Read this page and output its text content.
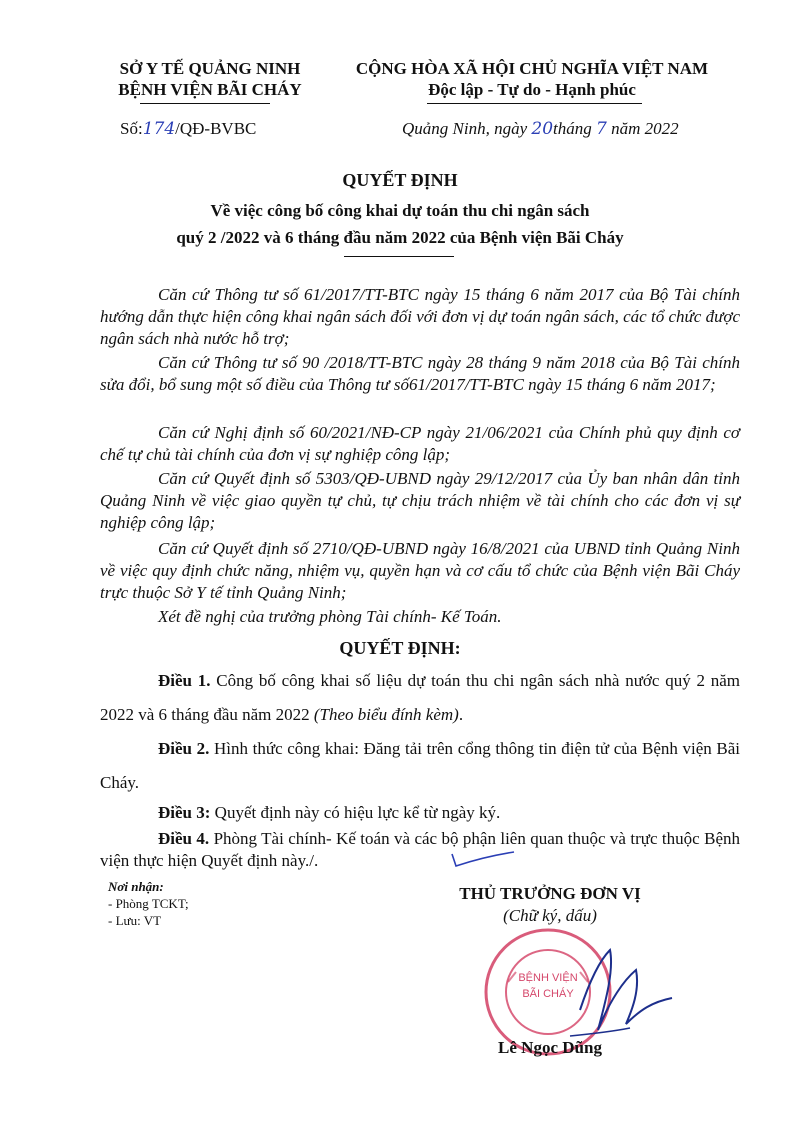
SỞ Y TẾ QUẢNG NINH
BỆNH VIỆN BÃI CHÁY
CỘNG HÒA XÃ HỘI CHỦ NGHĨA VIỆT NAM
Độc lập - Tự do - Hạnh phúc
Số:174/QĐ-BVBC	Quảng Ninh, ngày 20tháng 7 năm 2022
QUYẾT ĐỊNH
Về việc công bố công khai dự toán thu chi ngân sách
quý 2 /2022 và 6 tháng đầu năm 2022 của Bệnh viện Bãi Cháy
Căn cứ Thông tư số 61/2017/TT-BTC ngày 15 tháng 6 năm 2017 của Bộ Tài chính hướng dẫn thực hiện công khai ngân sách đối với đơn vị dự toán ngân sách, các tổ chức được ngân sách nhà nước hỗ trợ;
Căn cứ Thông tư số 90 /2018/TT-BTC ngày 28 tháng 9 năm 2018 của Bộ Tài chính sửa đổi, bổ sung một số điều của Thông tư số61/2017/TT-BTC ngày 15 tháng 6 năm 2017;
Căn cứ Nghị định số 60/2021/NĐ-CP ngày 21/06/2021 của Chính phủ quy định cơ chế tự chủ tài chính của đơn vị sự nghiệp công lập;
Căn cứ Quyết định số 5303/QĐ-UBND ngày 29/12/2017 của Ủy ban nhân dân tỉnh Quảng Ninh về việc giao quyền tự chủ, tự chịu trách nhiệm về tài chính cho các đơn vị sự nghiệp công lập;
Căn cứ Quyết định số 2710/QĐ-UBND ngày 16/8/2021 của UBND tỉnh Quảng Ninh về việc quy định chức năng, nhiệm vụ, quyền hạn và cơ cấu tổ chức của Bệnh viện Bãi Cháy trực thuộc Sở Y tế tỉnh Quảng Ninh;
Xét đề nghị của trưởng phòng Tài chính- Kế Toán.
QUYẾT ĐỊNH:
Điều 1. Công bố công khai số liệu dự toán thu chi ngân sách nhà nước quý 2 năm 2022 và 6 tháng đầu năm 2022 (Theo biểu đính kèm).
Điều 2. Hình thức công khai: Đăng tải trên cổng thông tin điện tử của Bệnh viện Bãi Cháy.
Điều 3: Quyết định này có hiệu lực kể từ ngày ký.
Điều 4. Phòng Tài chính- Kế toán và các bộ phận liên quan thuộc và trực thuộc Bệnh viện thực hiện Quyết định này./.
Nơi nhận:
- Phòng TCKT;
- Lưu: VT
THỦ TRƯỞNG ĐƠN VỊ
(Chữ ký, dấu)
BỆNH VIỆN
BÃI CHÁY
Lê Ngọc Dũng
